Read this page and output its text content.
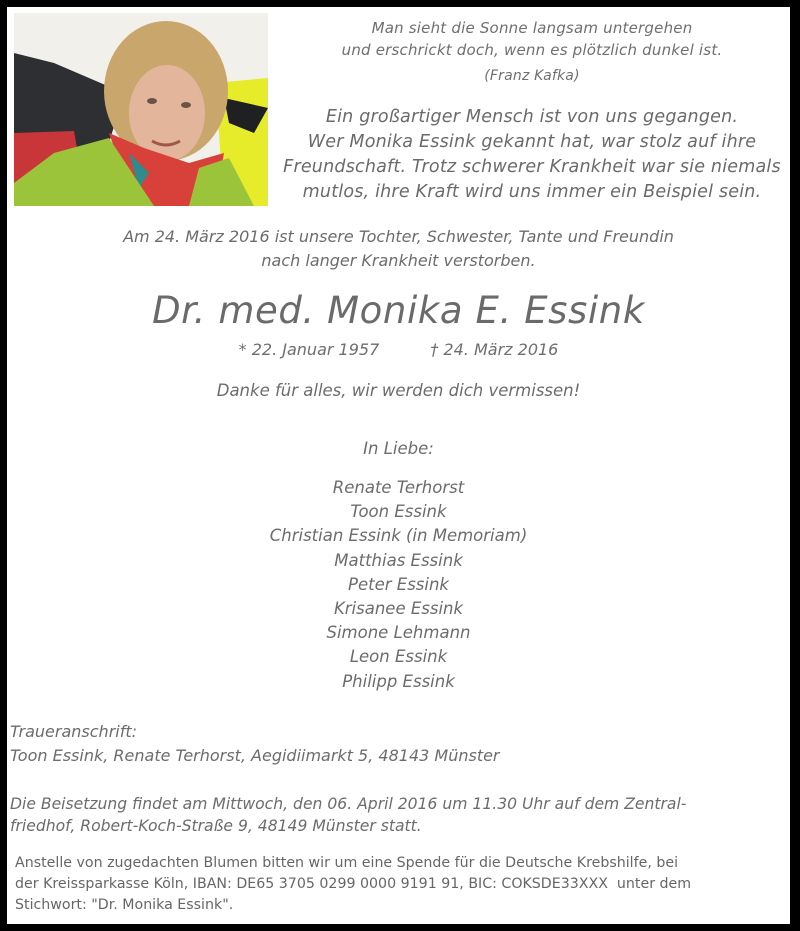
Man sieht die Sonne langsam untergehen
und erschrickt doch, wenn es plötzlich dunkel ist.
(Franz Kafka)
Ein großartiger Mensch ist von uns gegangen.
Wer Monika Essink gekannt hat, war stolz auf ihre
Freundschaft. Trotz schwerer Krankheit war sie niemals
mutlos, ihre Kraft wird uns immer ein Beispiel sein.
Am 24. März 2016 ist unsere Tochter, Schwester, Tante und Freundin
nach langer Krankheit verstorben.
Dr. med. Monika E. Essink
* 22. Januar 1957	† 24. März 2016
Danke für alles, wir werden dich vermissen!
In Liebe:
Renate Terhorst
Toon Essink
Christian Essink (in Memoriam)
Matthias Essink
Peter Essink
Krisanee Essink
Simone Lehmann
Leon Essink
Philipp Essink
Traueranschrift:
Toon Essink, Renate Terhorst, Aegidiimarkt 5, 48143 Münster
Die Beisetzung findet am Mittwoch, den 06. April 2016 um 11.30 Uhr auf dem Zentral-
friedhof, Robert-Koch-Straße 9, 48149 Münster statt.
Anstelle von zugedachten Blumen bitten wir um eine Spende für die Deutsche Krebshilfe, bei
der Kreissparkasse Köln, IBAN: DE65 3705 0299 0000 9191 91, BIC: COKSDE33XXX  unter dem
Stichwort: "Dr. Monika Essink".
